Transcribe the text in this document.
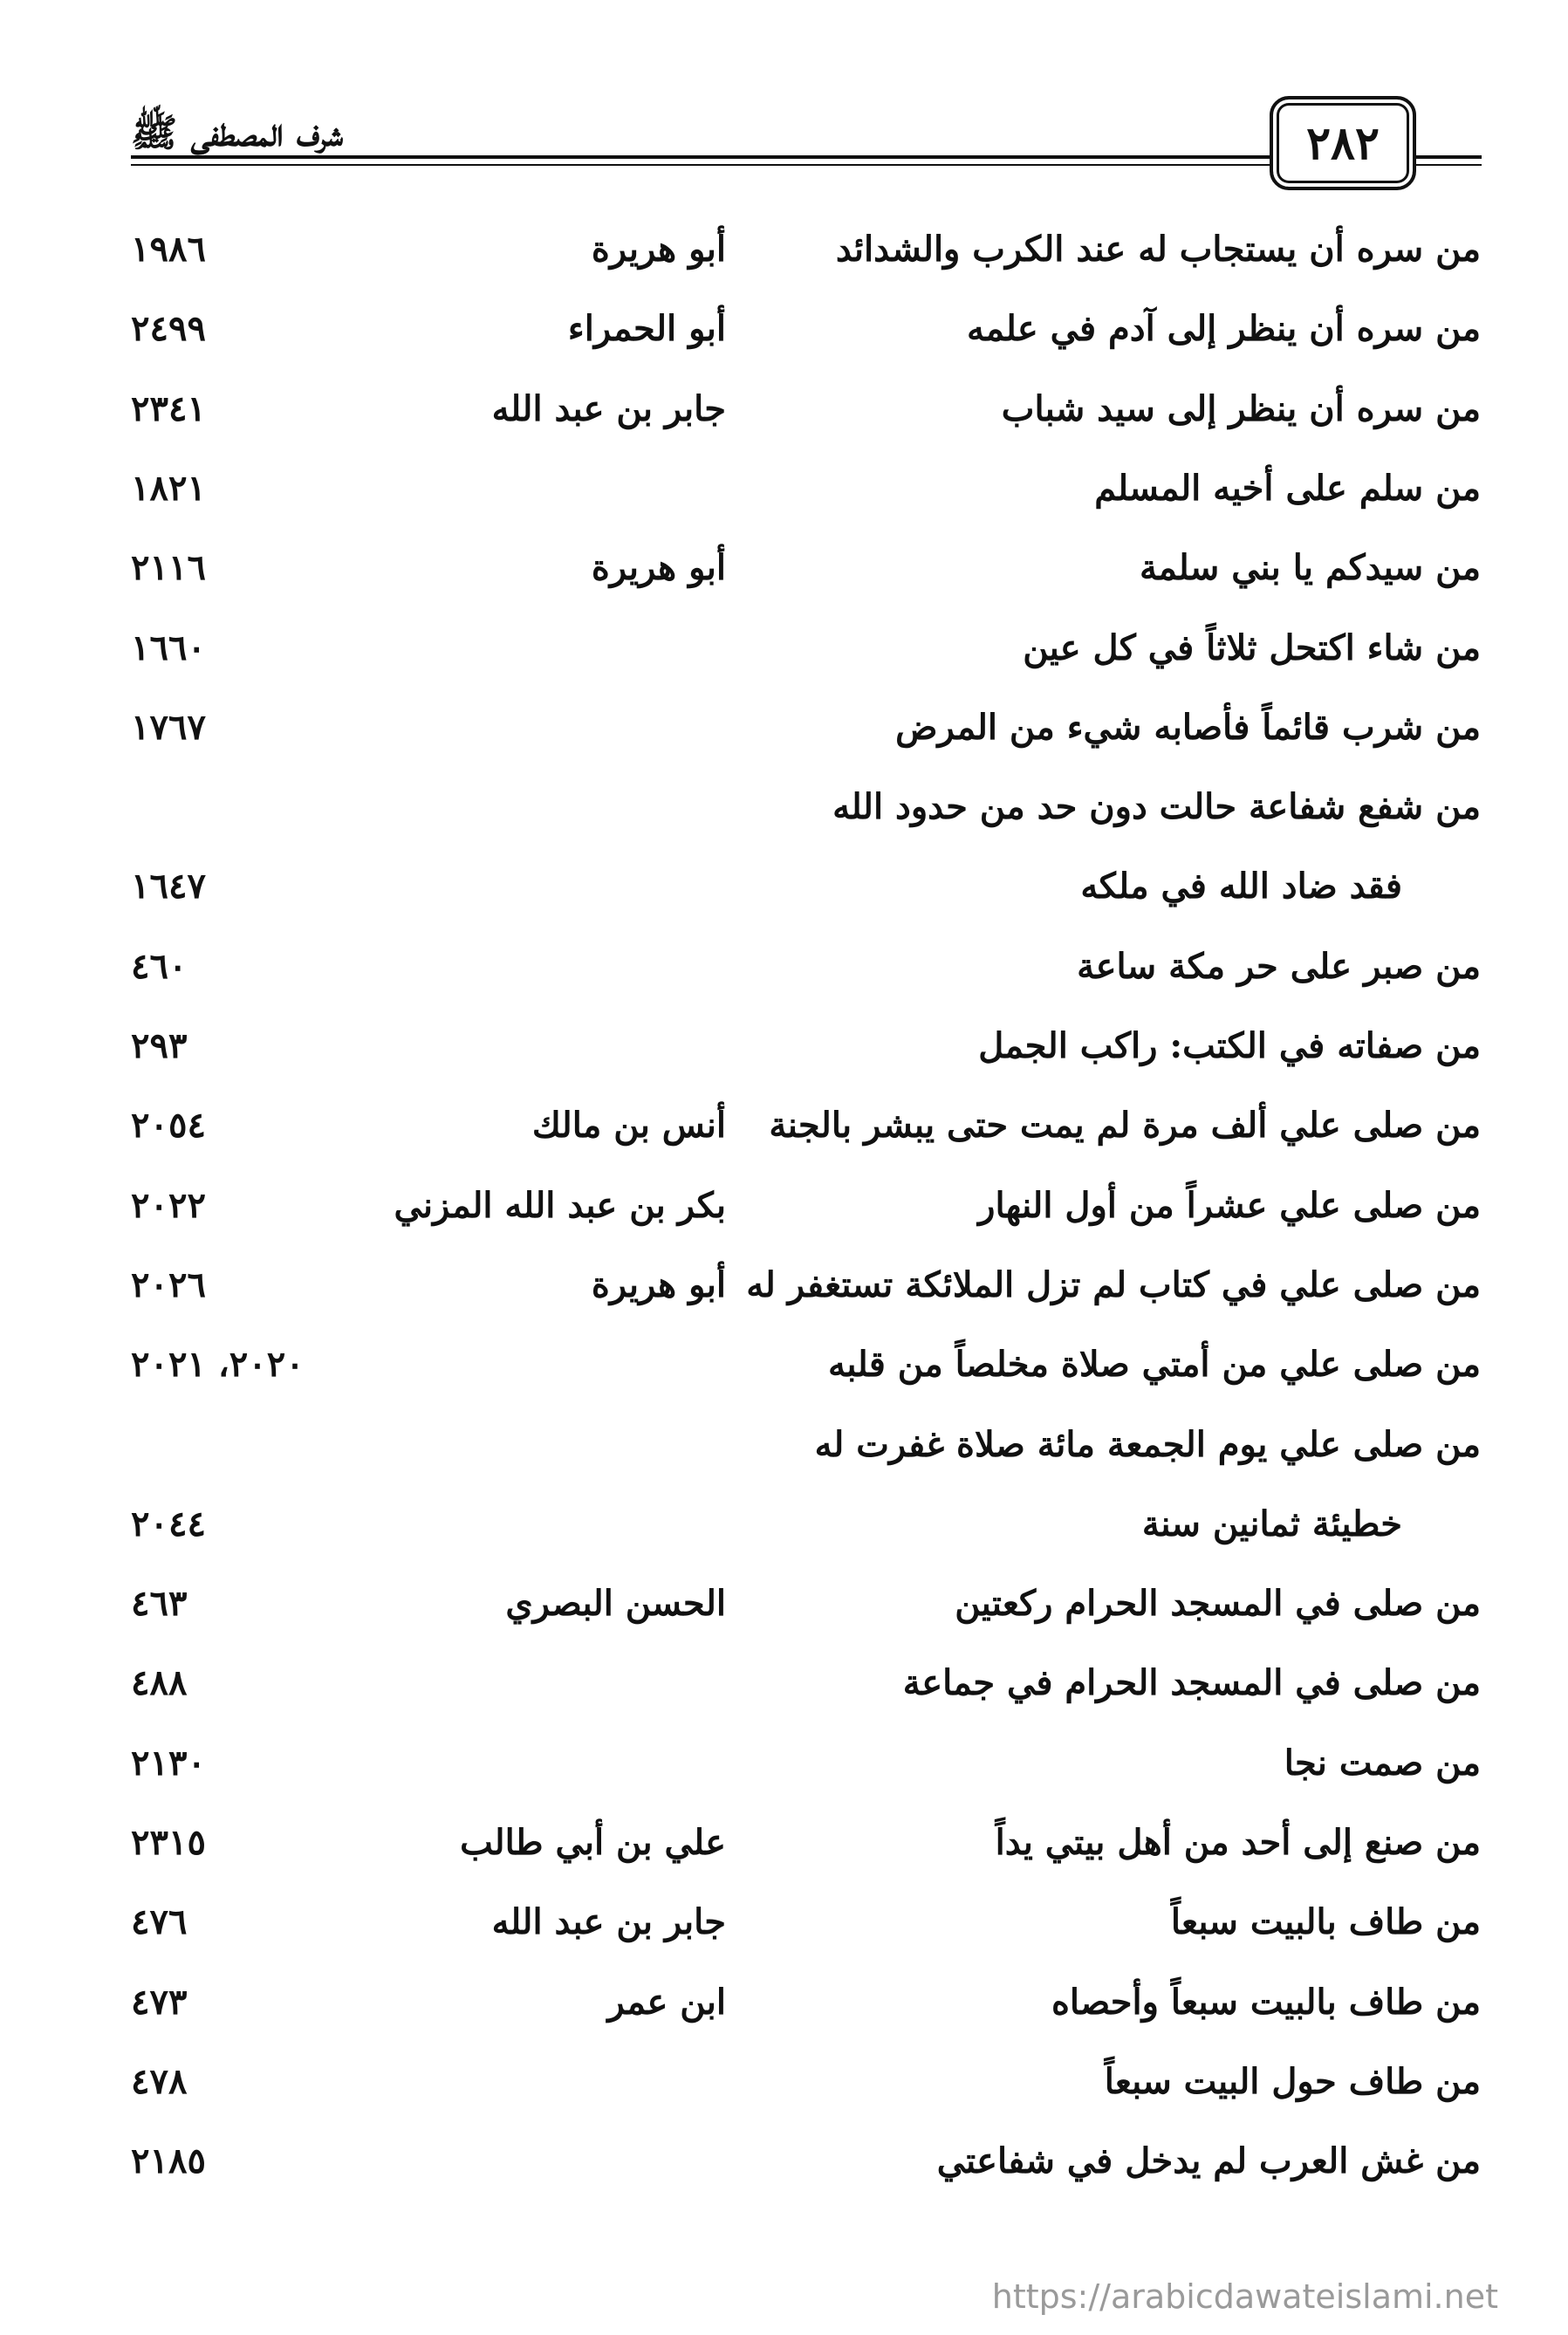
شرف المصطفى ﷺ	٢٨٢
من سره أن يستجاب له عند الكرب والشدائد
أبو هريرة
١٩٨٦
من سره أن ينظر إلى آدم في علمه
أبو الحمراء
٢٤٩٩
من سره أن ينظر إلى سيد شباب
جابر بن عبد الله
٢٣٤١
من سلم على أخيه المسلم
١٨٢١
من سيدكم يا بني سلمة
أبو هريرة
٢١١٦
من شاء اكتحل ثلاثاً في كل عين
١٦٦٠
من شرب قائماً فأصابه شيء من المرض
١٧٦٧
من شفع شفاعة حالت دون حد من حدود الله
فقد ضاد الله في ملكه
١٦٤٧
من صبر على حر مكة ساعة
٤٦٠
من صفاته في الكتب: راكب الجمل
٢٩٣
من صلى علي ألف مرة لم يمت حتى يبشر بالجنة
أنس بن مالك
٢٠٥٤
من صلى علي عشراً من أول النهار
بكر بن عبد الله المزني
٢٠٢٢
من صلى علي في كتاب لم تزل الملائكة تستغفر له
أبو هريرة
٢٠٢٦
من صلى علي من أمتي صلاة مخلصاً من قلبه
٢٠٢٠، ٢٠٢١
من صلى علي يوم الجمعة مائة صلاة غفرت له
خطيئة ثمانين سنة
٢٠٤٤
من صلى في المسجد الحرام ركعتين
الحسن البصري
٤٦٣
من صلى في المسجد الحرام في جماعة
٤٨٨
من صمت نجا
٢١٣٠
من صنع إلى أحد من أهل بيتي يداً
علي بن أبي طالب
٢٣١٥
من طاف بالبيت سبعاً
جابر بن عبد الله
٤٧٦
من طاف بالبيت سبعاً وأحصاه
ابن عمر
٤٧٣
من طاف حول البيت سبعاً
٤٧٨
من غش العرب لم يدخل في شفاعتي
٢١٨٥
https://arabicdawateislami.net
